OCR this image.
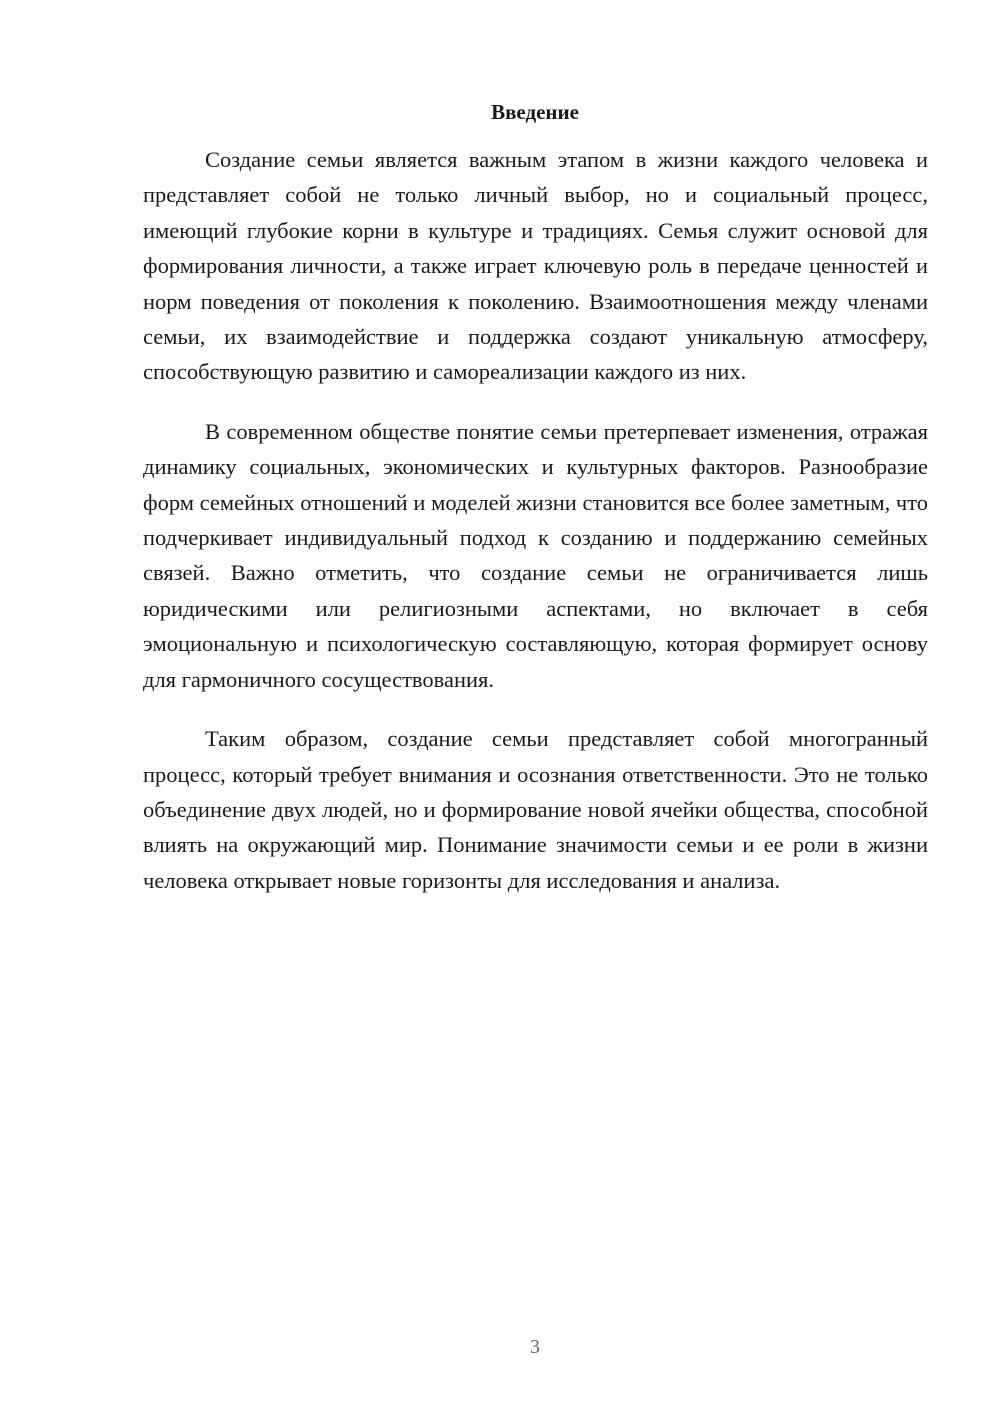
Введение

Создание семьи является важным этапом в жизни каждого человека и представляет собой не только личный выбор, но и социальный процесс, имеющий глубокие корни в культуре и традициях. Семья служит основой для формирования личности, а также играет ключевую роль в передаче ценностей и норм поведения от поколения к поколению. Взаимоотношения между членами семьи, их взаимодействие и поддержка создают уникальную атмосферу, способствующую развитию и самореализации каждого из них.

В современном обществе понятие семьи претерпевает изменения, отражая динамику социальных, экономических и культурных факторов. Разнообразие форм семейных отношений и моделей жизни становится все более заметным, что подчеркивает индивидуальный подход к созданию и поддержанию семейных связей. Важно отметить, что создание семьи не ограничивается лишь юридическими или религиозными аспектами, но включает в себя эмоциональную и психологическую составляющую, которая формирует основу для гармоничного сосуществования.

Таким образом, создание семьи представляет собой многогранный процесс, который требует внимания и осознания ответственности. Это не только объединение двух людей, но и формирование новой ячейки общества, способной влиять на окружающий мир. Понимание значимости семьи и ее роли в жизни человека открывает новые горизонты для исследования и анализа.

3
